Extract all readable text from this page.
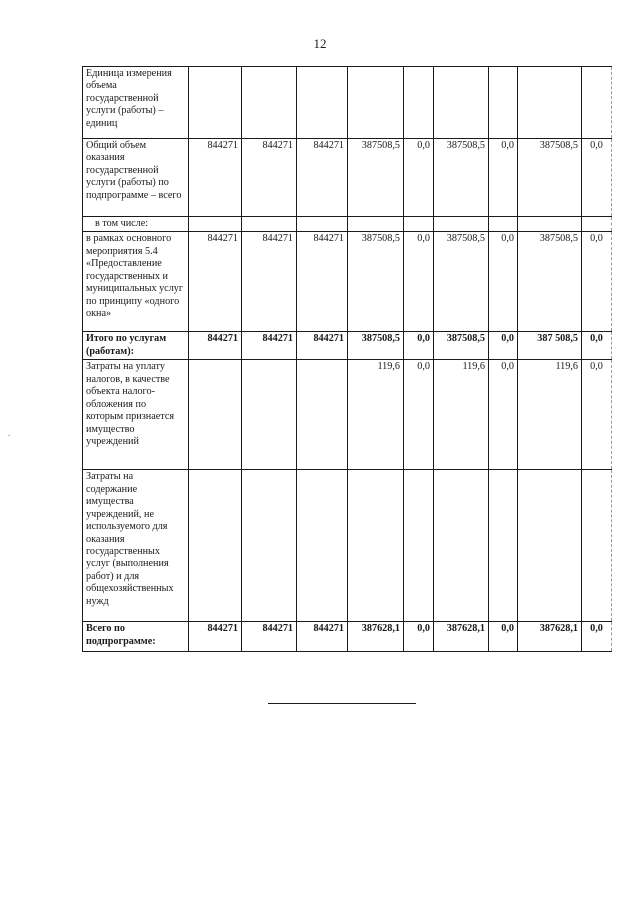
12
Единица измерения объема государственной услуги (работы) – единиц									
Общий объем оказания государственной услуги (работы) по подпрограмме – всего	844271	844271	844271	387508,5	0,0	387508,5	0,0	387508,5	0,0
в том числе:									
в рамках основного мероприятия 5.4 «Предоставление государственных и муниципальных услуг по принципу «одного окна»	844271	844271	844271	387508,5	0,0	387508,5	0,0	387508,5	0,0
Итого по услугам (работам):	844271	844271	844271	387508,5	0,0	387508,5	0,0	387 508,5	0,0
Затраты на уплату налогов, в качестве объекта налого-обложения по которым признается имущество учреждений				119,6	0,0	119,6	0,0	119,6	0,0
Затраты на содержание имущества учреждений, не используемого для оказания государственных услуг (выполнения работ) и для общехозяйственных нужд									
Всего по подпрограмме:	844271	844271	844271	387628,1	0,0	387628,1	0,0	387628,1	0,0
.
